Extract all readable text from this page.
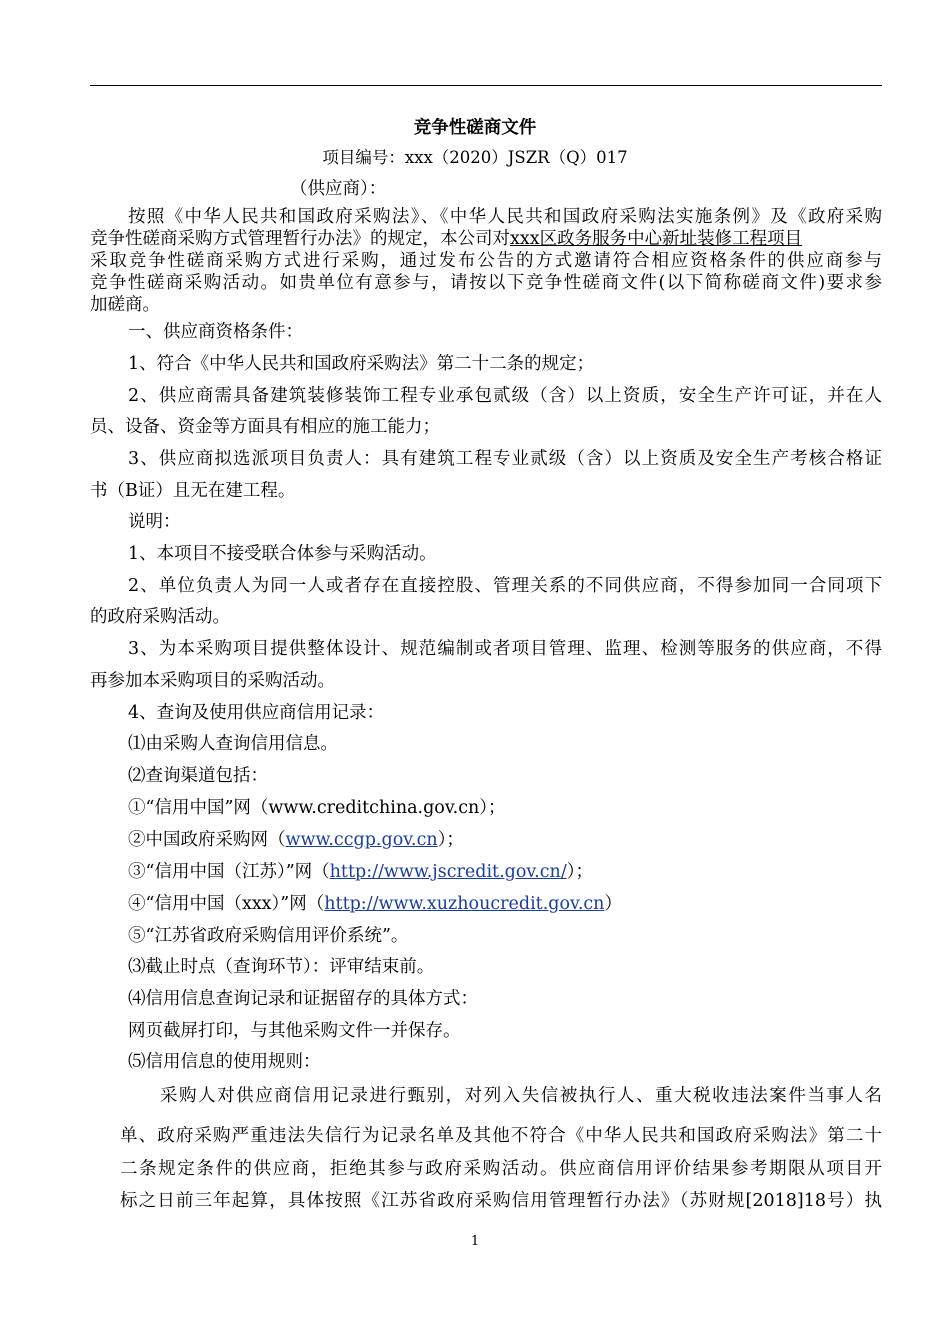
竞争性磋商文件
项目编号：xxx（2020）JSZR（Q）017
（供应商）：
按照《中华人民共和国政府采购法》、《中华人民共和国政府采购法实施条例》及《政府采购
竞争性磋商采购方式管理暂行办法》的规定，本公司对xxx区政务服务中心新址装修工程项目
采取竞争性磋商采购方式进行采购，通过发布公告的方式邀请符合相应资格条件的供应商参与
竞争性磋商采购活动。如贵单位有意参与，请按以下竞争性磋商文件(以下简称磋商文件)要求参
加磋商。
一、供应商资格条件：
1、符合《中华人民共和国政府采购法》第二十二条的规定；
2、供应商需具备建筑装修装饰工程专业承包贰级（含）以上资质，安全生产许可证，并在人
员、设备、资金等方面具有相应的施工能力；
3、供应商拟选派项目负责人：具有建筑工程专业贰级（含）以上资质及安全生产考核合格证
书（B证）且无在建工程。
说明：
1、本项目不接受联合体参与采购活动。
2、单位负责人为同一人或者存在直接控股、管理关系的不同供应商，不得参加同一合同项下
的政府采购活动。
3、为本采购项目提供整体设计、规范编制或者项目管理、监理、检测等服务的供应商，不得
再参加本采购项目的采购活动。
4、查询及使用供应商信用记录：
⑴由采购人查询信用信息。
⑵查询渠道包括：
①“信用中国”网（www.creditchina.gov.cn）；
②中国政府采购网（www.ccgp.gov.cn）；
③“信用中国（江苏）”网（http://www.jscredit.gov.cn/）；
④“信用中国（xxx）”网（http://www.xuzhoucredit.gov.cn）
⑤“江苏省政府采购信用评价系统”。
⑶截止时点（查询环节）：评审结束前。
⑷信用信息查询记录和证据留存的具体方式：
网页截屏打印，与其他采购文件一并保存。
⑸信用信息的使用规则：
采购人对供应商信用记录进行甄别，对列入失信被执行人、重大税收违法案件当事人名
单、政府采购严重违法失信行为记录名单及其他不符合《中华人民共和国政府采购法》第二十
二条规定条件的供应商，拒绝其参与政府采购活动。供应商信用评价结果参考期限从项目开
标之日前三年起算，具体按照《江苏省政府采购信用管理暂行办法》（苏财规[2018]18号）执
1
